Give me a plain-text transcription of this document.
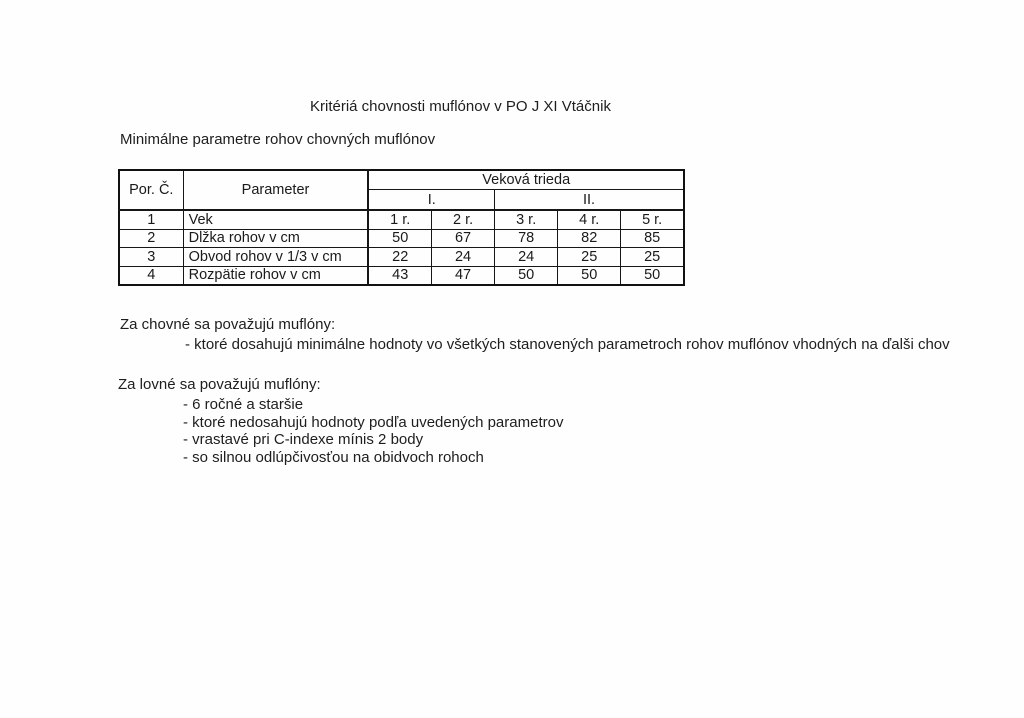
Kritériá chovnosti muflónov v PO J XI Vtáčnik
Minimálne parametre rohov chovných muflónov
Por. Č.	Parameter	Veková trieda				
		I.		II.		
1	Vek	1 r.	2 r.	3 r.	4 r.	5 r.
2	Dĺžka rohov v cm	50	67	78	82	85
3	Obvod rohov v 1/3 v cm	22	24	24	25	25
4	Rozpätie rohov v cm	43	47	50	50	50
Za chovné sa považujú muflóny:
- ktoré dosahujú minimálne hodnoty vo všetkých stanovených parametroch rohov muflónov vhodných na ďalši chov
Za lovné sa považujú muflóny:
- 6 ročné a staršie
- ktoré nedosahujú hodnoty podľa uvedených parametrov
- vrastavé pri C-indexe mínis 2 body
- so silnou odlúpčivosťou na obidvoch rohoch
